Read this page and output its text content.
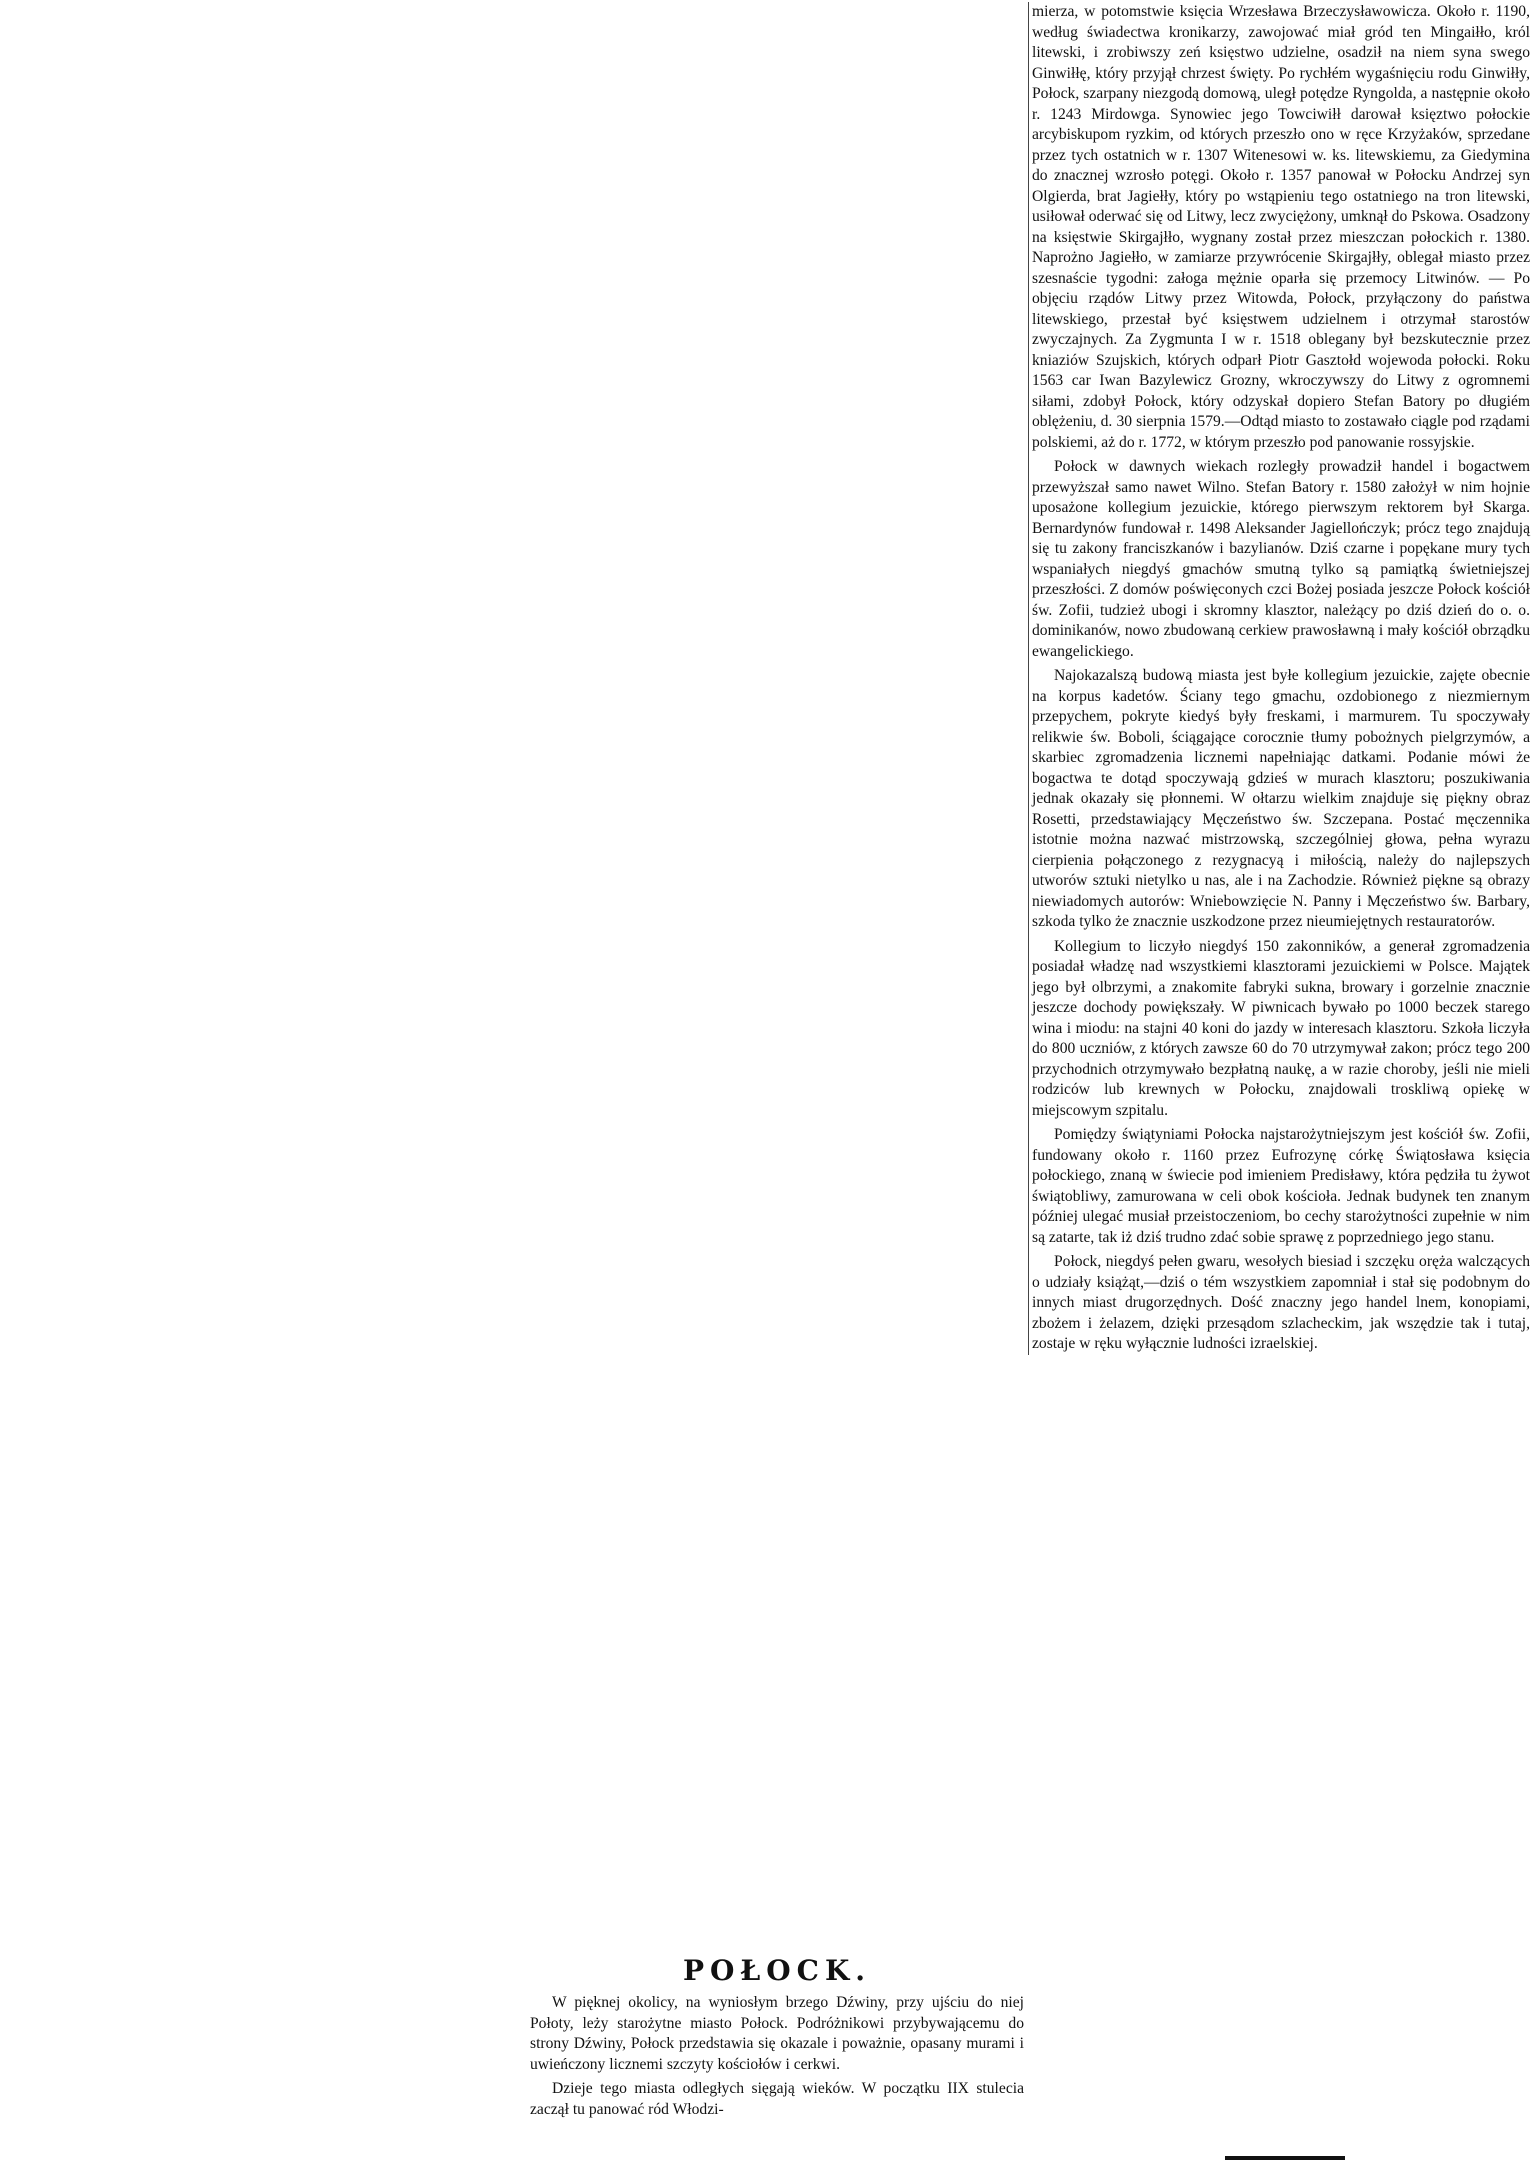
POŁOCK.

W pięknej okolicy, na wyniosłym brzego Dźwiny, przy ujściu do niej Połoty, leży starożytne miasto Połock. Podróżnikowi przybywającemu do strony Dźwiny, Połock przedstawia się okazale i poważnie, opasany murami i uwieńczony licznemi szczyty kościołów i cerkwi.

Dzieje tego miasta odległych sięgają wieków. W początku IIX stulecia zaczął tu panować ród Włodzi-

mierza, w potomstwie księcia Wrzesława Brzeczysławowicza. Około r. 1190, według świadectwa kronikarzy, zawojować miał gród ten Mingaiłło, król litewski, i zrobiwszy zeń księstwo udzielne, osadził na niem syna swego Ginwiłłę, który przyjął chrzest święty. Po rychłém wygaśnięciu rodu Ginwiłły, Połock, szarpany niezgodą domową, uległ potędze Ryngolda, a następnie około r. 1243 Mirdowga. Synowiec jego Towciwiłł darował księztwo połockie arcybiskupom ryzkim, od których przeszło ono w ręce Krzyżaków, sprzedane przez tych ostatnich w r. 1307 Witenesowi w. ks. litewskiemu, za Giedymina do znacznej wzrosło potęgi. Około r. 1357 panował w Połocku Andrzej syn Olgierda, brat Jagiełły, który po wstąpieniu tego ostatniego na tron litewski, usiłował oderwać się od Litwy, lecz zwyciężony, umknął do Pskowa. Osadzony na księstwie Skirgajłło, wygnany został przez mieszczan połockich r. 1380. Naprożno Jagiełło, w zamiarze przywrócenie Skirgajłły, oblegał miasto przez szesnaście tygodni: załoga mężnie oparła się przemocy Litwinów. — Po objęciu rządów Litwy przez Witowda, Połock, przyłączony do państwa litewskiego, przestał być księstwem udzielnem i otrzymał starostów zwyczajnych. Za Zygmunta I w r. 1518 oblegany był bezskutecznie przez kniaziów Szujskich, których odparł Piotr Gasztołd wojewoda połocki. Roku 1563 car Iwan Bazylewicz Grozny, wkroczywszy do Litwy z ogromnemi siłami, zdobył Połock, który odzyskał dopiero Stefan Batory po długiém oblężeniu, d. 30 sierpnia 1579.—Odtąd miasto to zostawało ciągle pod rządami polskiemi, aż do r. 1772, w którym przeszło pod panowanie rossyjskie.

Połock w dawnych wiekach rozległy prowadził handel i bogactwem przewyższał samo nawet Wilno. Stefan Batory r. 1580 założył w nim hojnie uposażone kollegium jezuickie, którego pierwszym rektorem był Skarga. Bernardynów fundował r. 1498 Aleksander Jagiellończyk; prócz tego znajdują się tu zakony franciszkanów i bazylianów. Dziś czarne i popękane mury tych wspaniałych niegdyś gmachów smutną tylko są pamiątką świetniejszej przeszłości. Z domów poświęconych czci Bożej posiada jeszcze Połock kościół św. Zofii, tudzież ubogi i skromny klasztor, należący po dziś dzień do o. o. dominikanów, nowo zbudowaną cerkiew prawosławną i mały kościół obrządku ewangelickiego.

Najokazalszą budową miasta jest byłe kollegium jezuickie, zajęte obecnie na korpus kadetów. Ściany tego gmachu, ozdobionego z niezmiernym przepychem, pokryte kiedyś były freskami, i marmurem. Tu spoczywały relikwie św. Boboli, ściągające corocznie tłumy pobożnych pielgrzymów, a skarbiec zgromadzenia licznemi napełniając datkami. Podanie mówi że bogactwa te dotąd spoczywają gdzieś w murach klasztoru; poszukiwania jednak okazały się płonnemi. W ołtarzu wielkim znajduje się piękny obraz Rosetti, przedstawiający Męczeństwo św. Szczepana. Postać męczennika istotnie można nazwać mistrzowską, szczególniej głowa, pełna wyrazu cierpienia połączonego z rezygnacyą i miłością, należy do najlepszych utworów sztuki nietylko u nas, ale i na Zachodzie. Również piękne są obrazy niewiadomych autorów: Wniebowzięcie N. Panny i Męczeństwo św. Barbary, szkoda tylko że znacznie uszkodzone przez nieumiejętnych restauratorów.

Kollegium to liczyło niegdyś 150 zakonników, a generał zgromadzenia posiadał władzę nad wszystkiemi klasztorami jezuickiemi w Polsce. Majątek jego był olbrzymi, a znakomite fabryki sukna, browary i gorzelnie znacznie jeszcze dochody powiększały. W piwnicach bywało po 1000 beczek starego wina i miodu: na stajni 40 koni do jazdy w interesach klasztoru. Szkoła liczyła do 800 uczniów, z których zawsze 60 do 70 utrzymywał zakon; prócz tego 200 przychodnich otrzymywało bezpłatną naukę, a w razie choroby, jeśli nie mieli rodziców lub krewnych w Połocku, znajdowali troskliwą opiekę w miejscowym szpitalu.

Pomiędzy świątyniami Połocka najstarożytniejszym jest kościół św. Zofii, fundowany około r. 1160 przez Eufrozynę córkę Świątosława księcia połockiego, znaną w świecie pod imieniem Predisławy, która pędziła tu żywot świątobliwy, zamurowana w celi obok kościoła. Jednak budynek ten znanym później ulegać musiał przeistoczeniom, bo cechy starożytności zupełnie w nim są zatarte, tak iż dziś trudno zdać sobie sprawę z poprzedniego jego stanu.

Połock, niegdyś pełen gwaru, wesołych biesiad i szczęku oręża walczących o udziały książąt,—dziś o tém wszystkiem zapomniał i stał się podobnym do innych miast drugorzędnych. Dość znaczny jego handel lnem, konopiami, zbożem i żelazem, dzięki przesądom szlacheckim, jak wszędzie tak i tutaj, zostaje w ręku wyłącznie ludności izraelskiej.
